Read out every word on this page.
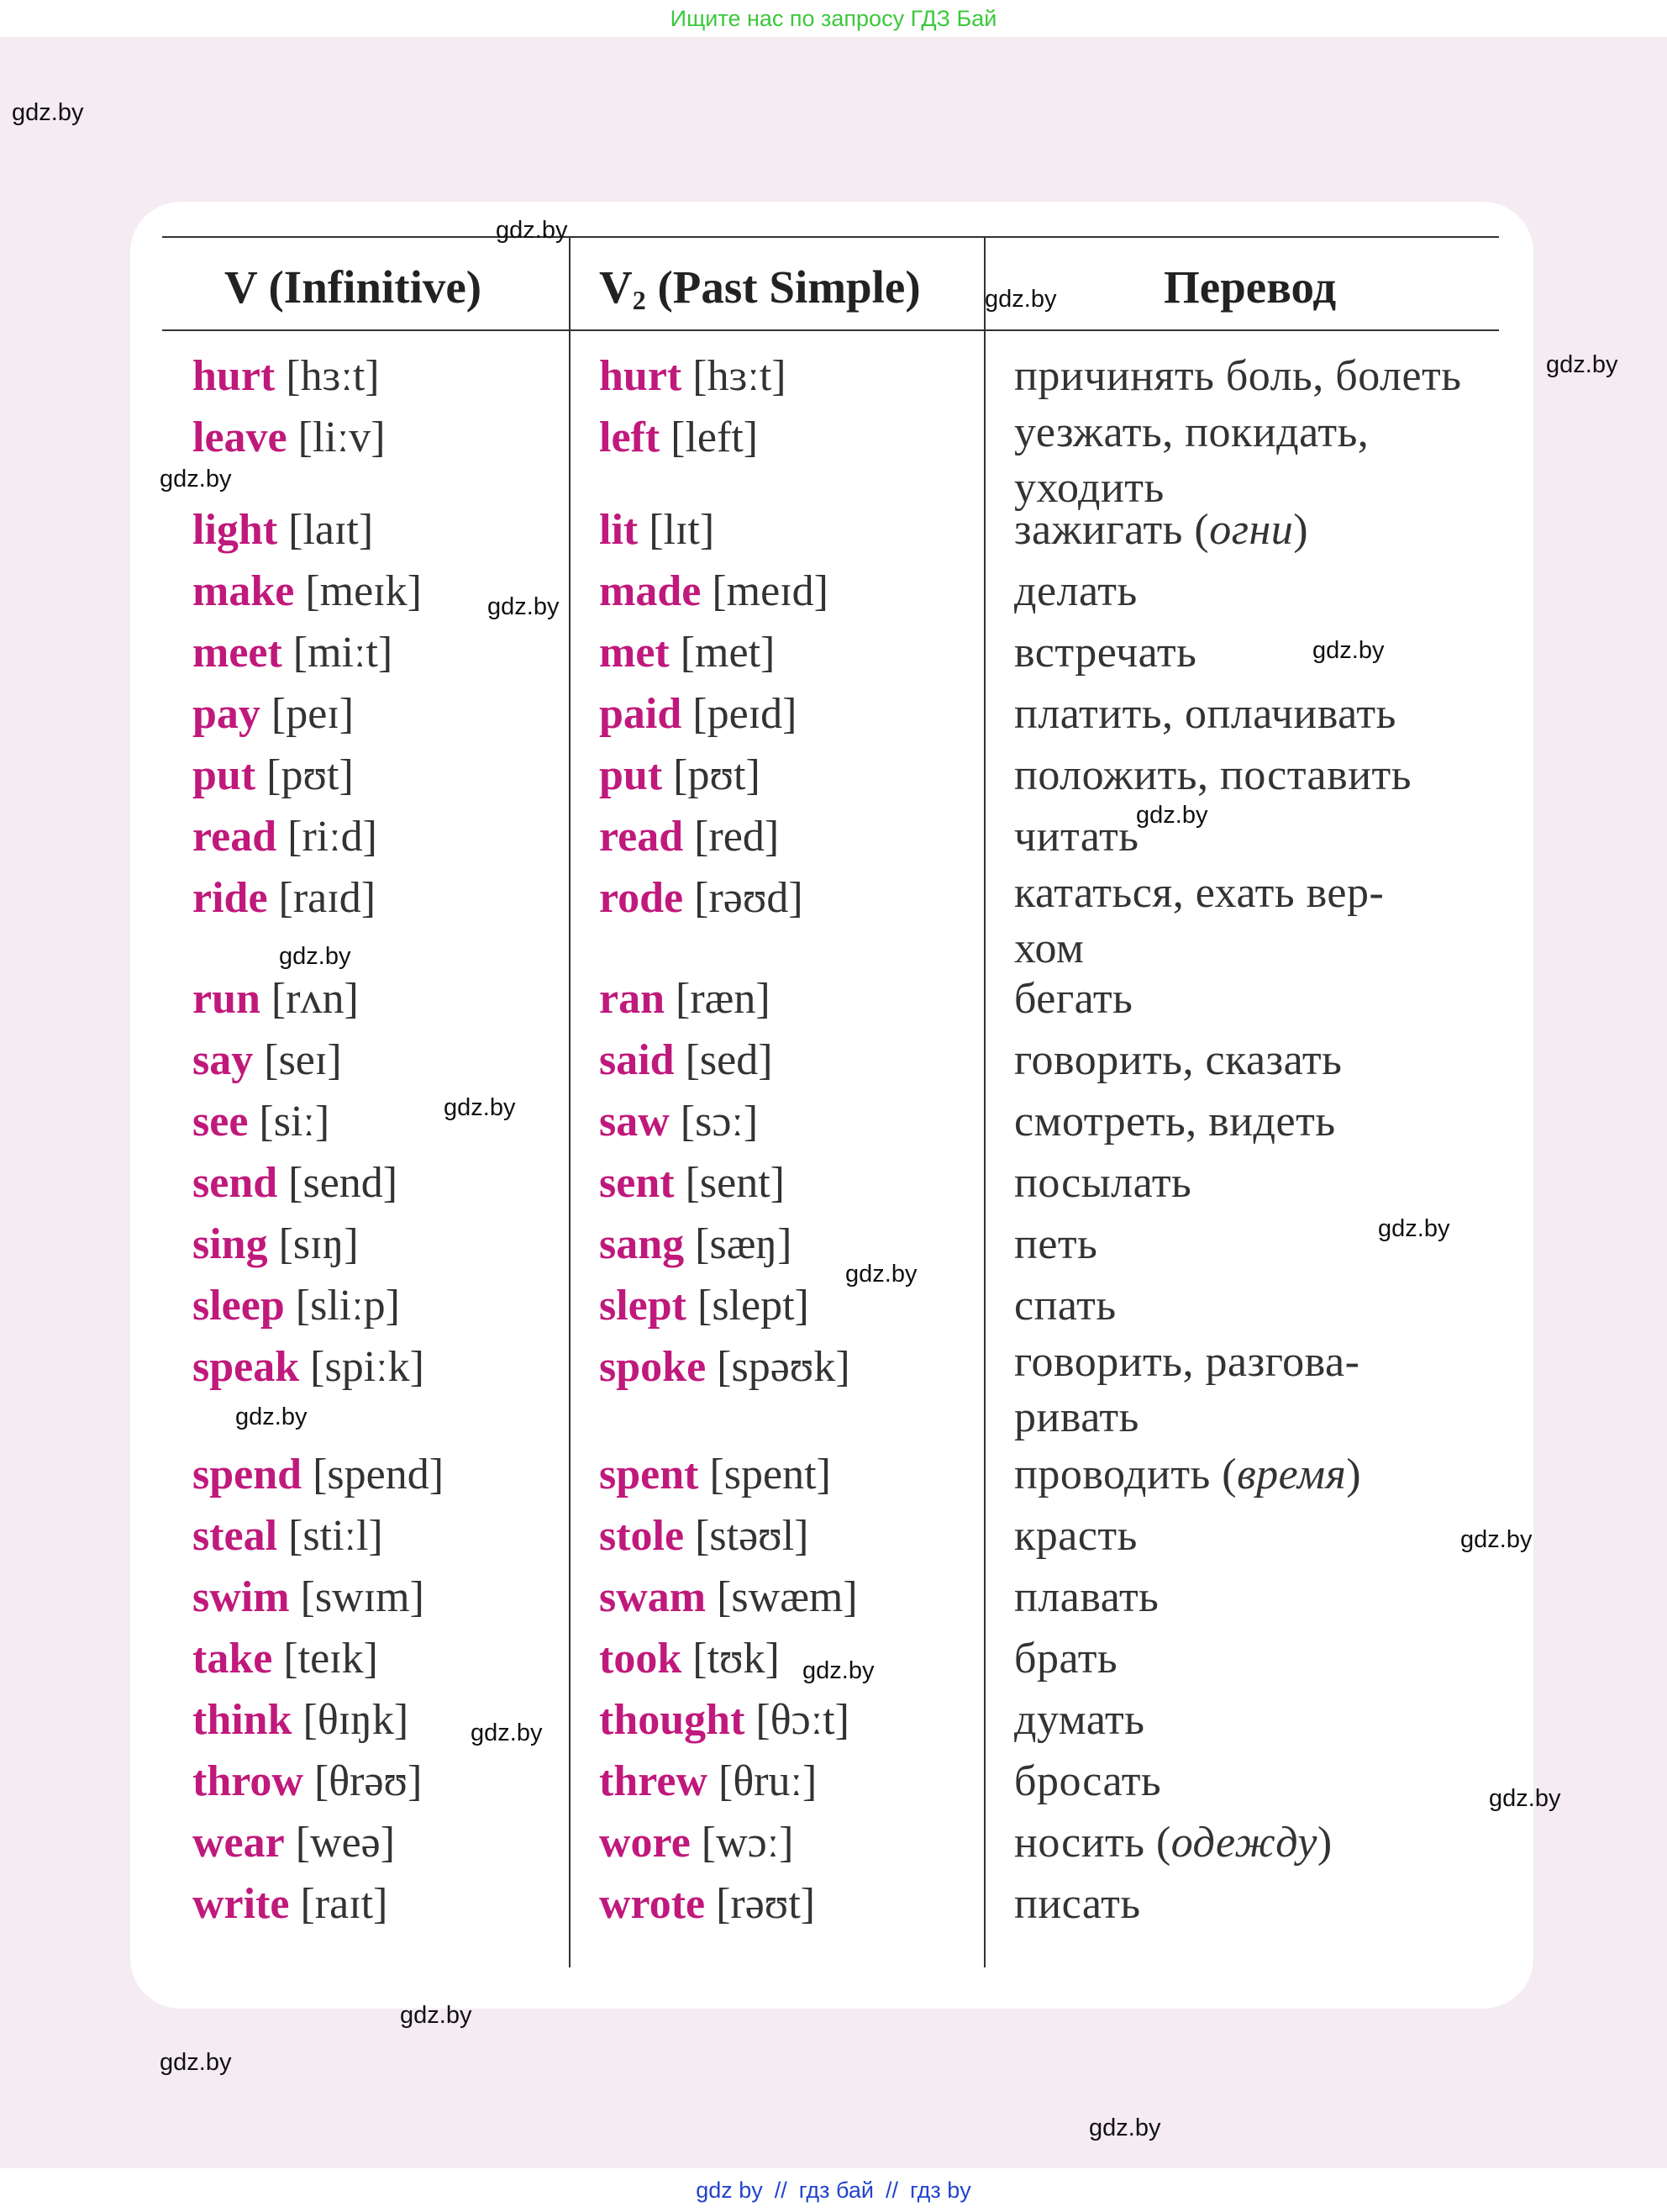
Ищите нас по запросу ГДЗ Бай
V (Infinitive)	$V_2$ (Past Simple)	Перевод
hurt [hɜːt]	hurt [hɜːt]	причинять боль, болеть
leave [liːv]	left [left]	уезжать, покидать,
уходить
light [laɪt]	lit [lɪt]	зажигать (огни)
make [meɪk]	made [meɪd]	делать
meet [miːt]	met [met]	встречать
pay [peɪ]	paid [peɪd]	платить, оплачивать
put [pʊt]	put [pʊt]	положить, поставить
read [riːd]	read [red]	читать
ride [raɪd]	rode [rəʊd]	кататься, ехать вер-
хом
run [rʌn]	ran [ræn]	бегать
say [seɪ]	said [sed]	говорить, сказать
see [siː]	saw [sɔː]	смотреть, видеть
send [send]	sent [sent]	посылать
sing [sɪŋ]	sang [sæŋ]	петь
sleep [sliːp]	slept [slept]	спать
speak [spiːk]	spoke [spəʊk]	говорить, разгова-
ривать
spend [spend]	spent [spent]	проводить (время)
steal [stiːl]	stole [stəʊl]	красть
swim [swɪm]	swam [swæm]	плавать
take [teɪk]	took [tʊk]	брать
think [θɪŋk]	thought [θɔːt]	думать
throw [θrəʊ]	threw [θruː]	бросать
wear [weə]	wore [wɔː]	носить (одежду)
write [raɪt]	wrote [rəʊt]	писать
gdz.by
gdz.by
gdz.by
gdz.by
gdz.by
gdz.by
gdz.by
gdz.by
gdz.by
gdz.by
gdz.by
gdz.by
gdz.by
gdz.by
gdz.by
gdz.by
gdz.by
gdz.by
gdz.by
gdz.by
gdz by // гдз бай // гдз by
